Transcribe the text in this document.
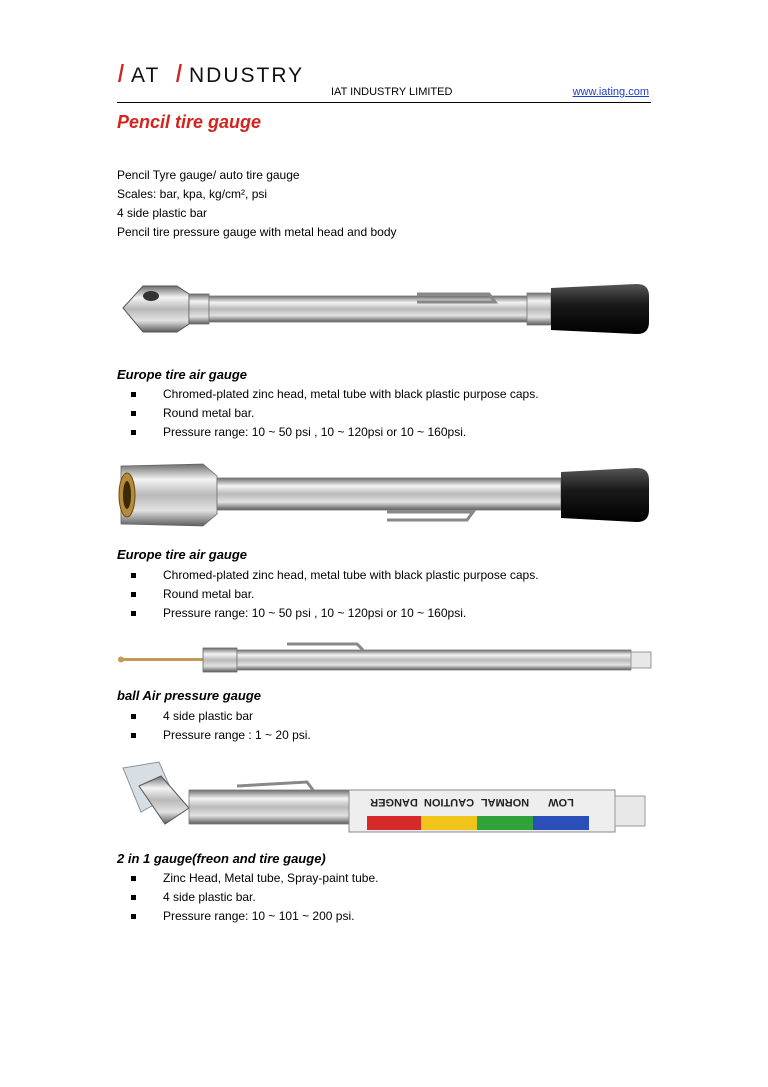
I AT I NDUSTRY
IAT INDUSTRY LIMITED	www.iating.com
Pencil tire gauge
Pencil Tyre gauge/ auto tire gauge
Scales: bar, kpa, kg/cm², psi
4 side plastic bar
Pencil tire pressure gauge with metal head and body
Europe tire air gauge
Chromed-plated zinc head, metal tube with black plastic purpose caps.
Round metal bar.
Pressure range: 10 ~ 50 psi , 10 ~ 120psi or 10 ~ 160psi.
Europe tire air gauge
Chromed-plated zinc head, metal tube with black plastic purpose caps.
Round metal bar.
Pressure range: 10 ~ 50 psi , 10 ~ 120psi or 10 ~ 160psi.
ball Air pressure gauge
4 side plastic bar
Pressure range : 1 ~ 20 psi.
DANGER CAUTION NORMAL LOW
2 in 1 gauge(freon and tire gauge)
Zinc Head, Metal tube, Spray-paint tube.
4 side plastic bar.
Pressure range: 10 ~ 101 ~ 200 psi.
